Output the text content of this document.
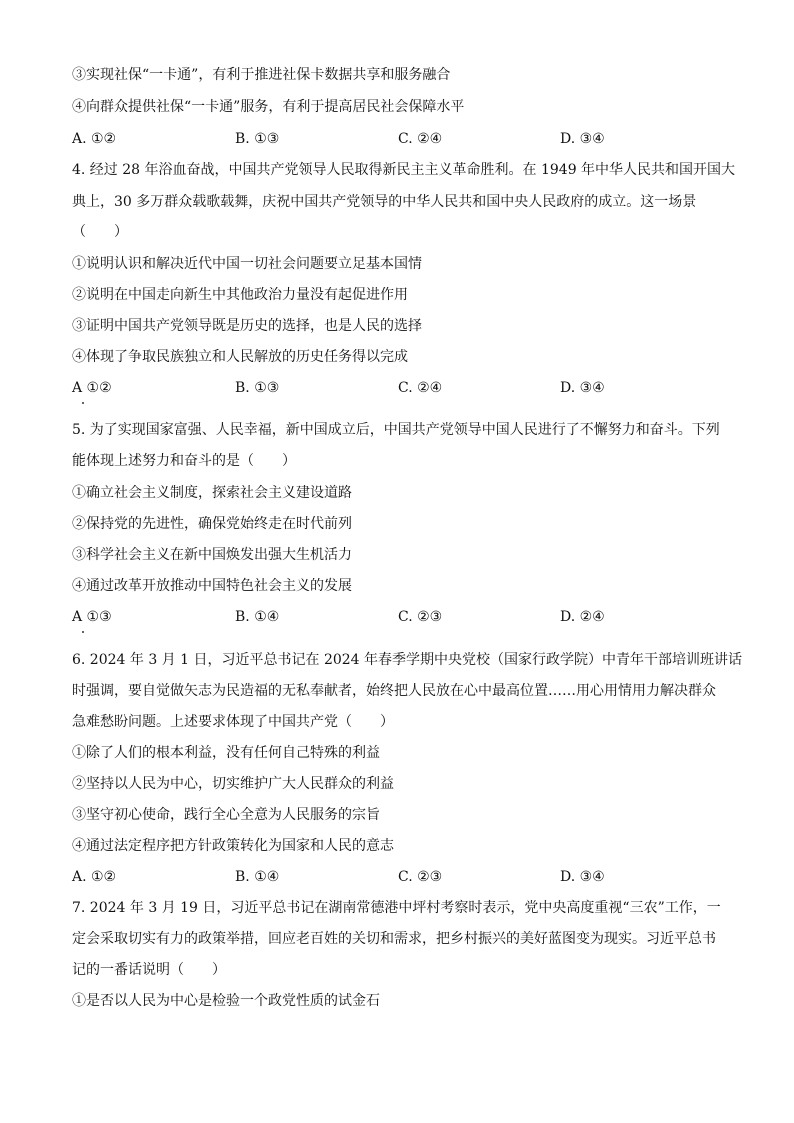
③实现社保“一卡通”，有利于推进社保卡数据共享和服务融合
④向群众提供社保“一卡通”服务，有利于提高居民社会保障水平
A. ①②	B. ①③	C. ②④	D. ③④
4. 经过 28 年浴血奋战，中国共产党领导人民取得新民主主义革命胜利。在 1949 年中华人民共和国开国大
典上，30 多万群众载歌载舞，庆祝中国共产党领导的中华人民共和国中央人民政府的成立。这一场景
（　　）
①说明认识和解决近代中国一切社会问题要立足基本国情
②说明在中国走向新生中其他政治力量没有起促进作用
③证明中国共产党领导既是历史的选择，也是人民的选择
④体现了争取民族独立和人民解放的历史任务得以完成
A ①②	B. ①③	C. ②④	D. ③④
5. 为了实现国家富强、人民幸福，新中国成立后，中国共产党领导中国人民进行了不懈努力和奋斗。下列
能体现上述努力和奋斗的是（　　）
①确立社会主义制度，探索社会主义建设道路
②保持党的先进性，确保党始终走在时代前列
③科学社会主义在新中国焕发出强大生机活力
④通过改革开放推动中国特色社会主义的发展
A ①③	B. ①④	C. ②③	D. ②④
6. 2024 年 3 月 1 日，习近平总书记在 2024 年春季学期中央党校（国家行政学院）中青年干部培训班讲话
时强调，要自觉做矢志为民造福的无私奉献者，始终把人民放在心中最高位置……用心用情用力解决群众
急难愁盼问题。上述要求体现了中国共产党（　　）
①除了人们的根本利益，没有任何自己特殊的利益
②坚持以人民为中心，切实维护广大人民群众的利益
③坚守初心使命，践行全心全意为人民服务的宗旨
④通过法定程序把方针政策转化为国家和人民的意志
A. ①②	B. ①④	C. ②③	D. ③④
7. 2024 年 3 月 19 日，习近平总书记在湖南常德港中坪村考察时表示，党中央高度重视“三农”工作，一
定会采取切实有力的政策举措，回应老百姓的关切和需求，把乡村振兴的美好蓝图变为现实。习近平总书
记的一番话说明（　　）
①是否以人民为中心是检验一个政党性质的试金石
